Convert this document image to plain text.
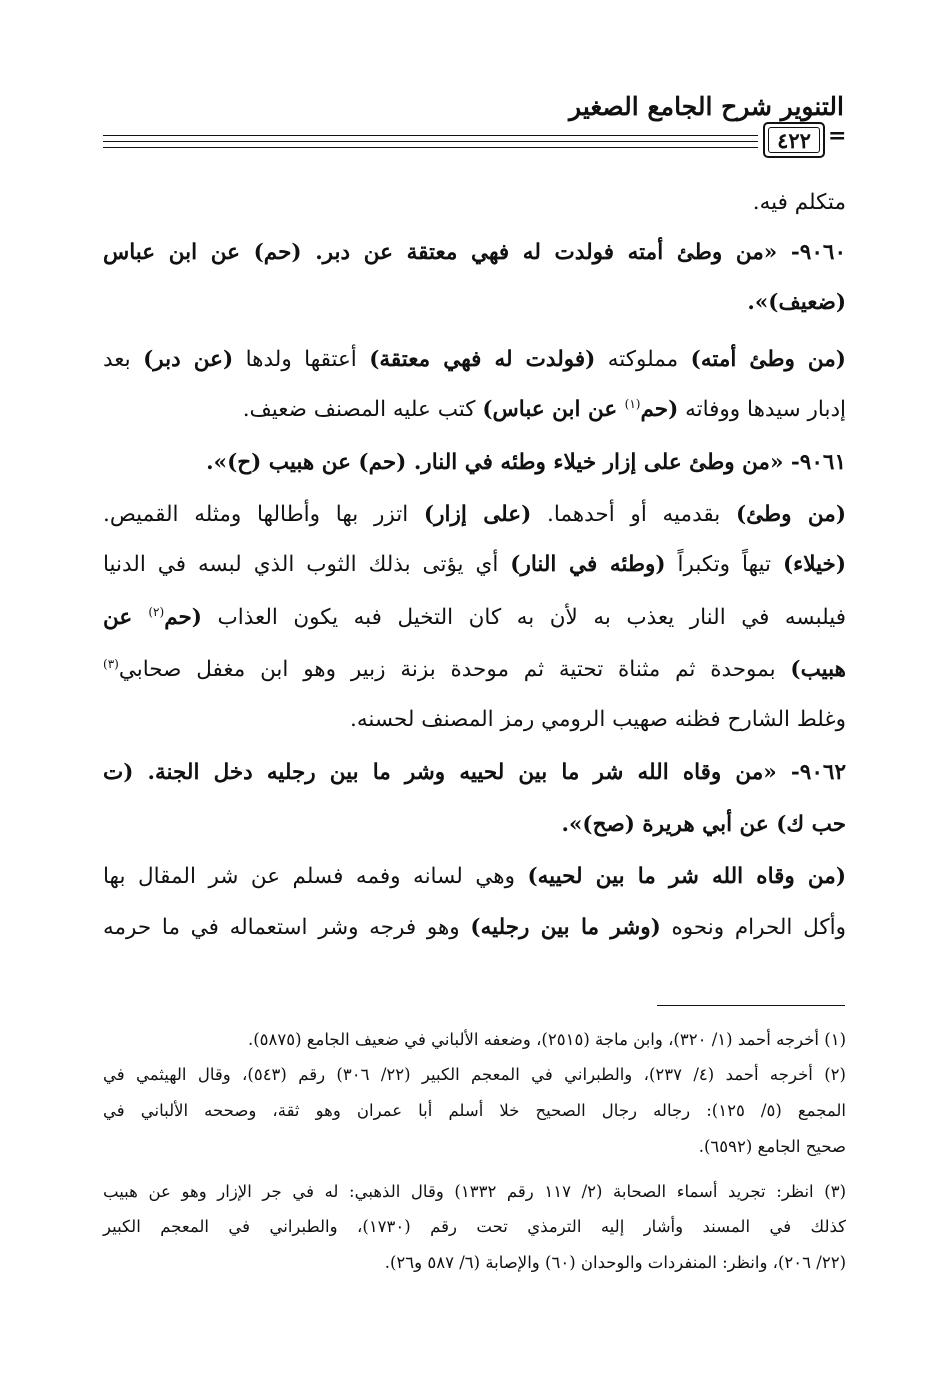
التنوير شرح الجامع الصغير
٤٢٢ =
متكلم فيه.
٩٠٦٠- «من وطئ أمته فولدت له فهي معتقة عن دبر. (حم) عن ابن عباس
(ضعيف)».
(من وطئ أمته) مملوكته (فولدت له فهي معتقة) أعتقها ولدها (عن دبر) بعد
إدبار سيدها ووفاته (حم$^{(١)}$ عن ابن عباس) كتب عليه المصنف ضعيف.
٩٠٦١- «من وطئ على إزار خيلاء وطئه في النار. (حم) عن هبيب (ح)».
(من وطئ) بقدميه أو أحدهما. (على إزار) اتزر بها وأطالها ومثله القميص.
(خيلاء) تيهاً وتكبراً (وطئه في النار) أي يؤتى بذلك الثوب الذي لبسه في الدنيا
فيلبسه في النار يعذب به لأن به كان التخيل فبه يكون العذاب (حم$^{(٢)}$ عن
هبيب) بموحدة ثم مثناة تحتية ثم موحدة بزنة زبير وهو ابن مغفل صحابي$^{(٣)}$
وغلط الشارح فظنه صهيب الرومي رمز المصنف لحسنه.
٩٠٦٢- «من وقاه الله شر ما بين لحييه وشر ما بين رجليه دخل الجنة. (ت
حب ك) عن أبي هريرة (صح)».
(من وقاه الله شر ما بين لحييه) وهي لسانه وفمه فسلم عن شر المقال بها
وأكل الحرام ونحوه (وشر ما بين رجليه) وهو فرجه وشر استعماله في ما حرمه
(١) أخرجه أحمد (١/ ٣٢٠)، وابن ماجة (٢٥١٥)، وضعفه الألباني في ضعيف الجامع (٥٨٧٥).
(٢) أخرجه أحمد (٤/ ٢٣٧)، والطبراني في المعجم الكبير (٢٢/ ٣٠٦) رقم (٥٤٣)، وقال الهيثمي في
المجمع (٥/ ١٢٥): رجاله رجال الصحيح خلا أسلم أبا عمران وهو ثقة، وصححه الألباني في
صحيح الجامع (٦٥٩٢).
(٣) انظر: تجريد أسماء الصحابة (٢/ ١١٧ رقم ١٣٣٢) وقال الذهبي: له في جر الإزار وهو عن هبيب
كذلك في المسند وأشار إليه الترمذي تحت رقم (١٧٣٠)، والطبراني في المعجم الكبير
(٢٢/ ٢٠٦)، وانظر: المنفردات والوحدان (٦٠) والإصابة (٦/ ٥٨٧ و٢٦).
